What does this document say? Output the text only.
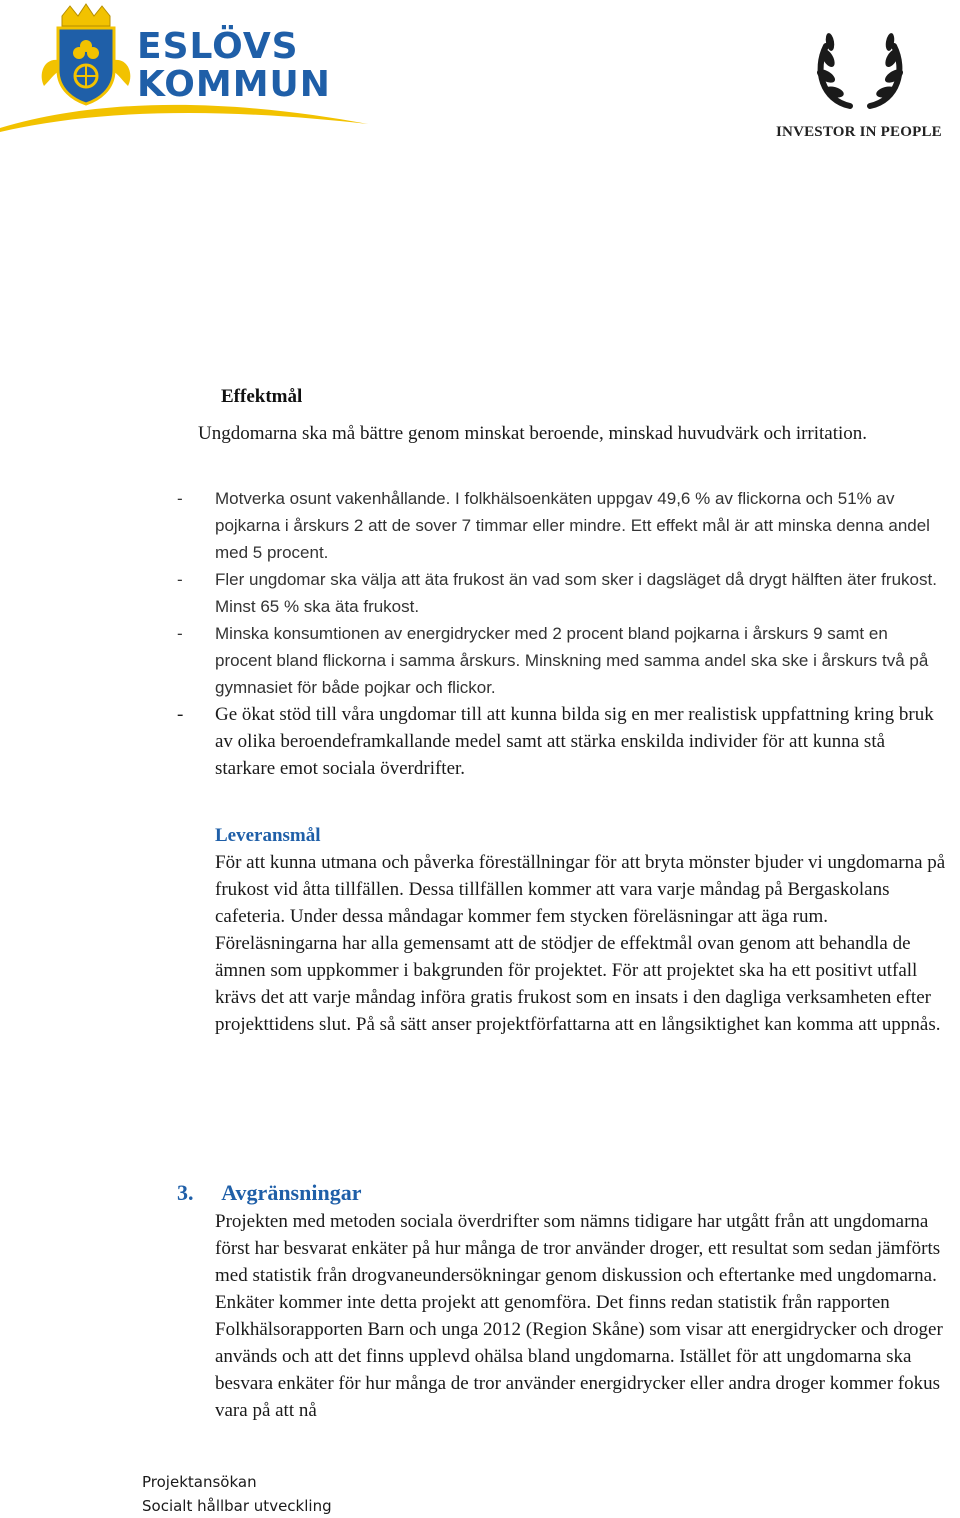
ESLÖVS
KOMMUN
INVESTOR IN PEOPLE
Effektmål

Ungdomarna ska må bättre genom minskat beroende, minskad huvudvärk och irritation.

- Motverka osunt vakenhållande. I folkhälsoenkäten uppgav 49,6 % av flickorna och 51% av pojkarna i årskurs 2 att de sover 7 timmar eller mindre. Ett effekt mål är att minska denna andel med 5 procent.
- Fler ungdomar ska välja att äta frukost än vad som sker i dagsläget då drygt hälften äter frukost. Minst 65 % ska äta frukost.
- Minska konsumtionen av energidrycker med 2 procent bland pojkarna i årskurs 9 samt en procent bland flickorna i samma årskurs. Minskning med samma andel ska ske i årskurs två på gymnasiet för både pojkar och flickor.
- Ge ökat stöd till våra ungdomar till att kunna bilda sig en mer realistisk uppfattning kring bruk av olika beroendeframkallande medel samt att stärka enskilda individer för att kunna stå starkare emot sociala överdrifter.
Leveransmål

För att kunna utmana och påverka föreställningar för att bryta mönster bjuder vi ungdomarna på frukost vid åtta tillfällen. Dessa tillfällen kommer att vara varje måndag på Bergaskolans cafeteria. Under dessa måndagar kommer fem stycken föreläsningar att äga rum. Föreläsningarna har alla gemensamt att de stödjer de effektmål ovan genom att behandla de ämnen som uppkommer i bakgrunden för projektet. För att projektet ska ha ett positivt utfall krävs det att varje måndag införa gratis frukost som en insats i den dagliga verksamheten efter projekttidens slut. På så sätt anser projektförfattarna att en långsiktighet kan komma att uppnås.

3. Avgränsningar

Projekten med metoden sociala överdrifter som nämns tidigare har utgått från att ungdomarna först har besvarat enkäter på hur många de tror använder droger, ett resultat som sedan jämförts med statistik från drogvaneundersökningar genom diskussion och eftertanke med ungdomarna. Enkäter kommer inte detta projekt att genomföra. Det finns redan statistik från rapporten Folkhälsorapporten Barn och unga 2012 (Region Skåne) som visar att energidrycker och droger används och att det finns upplevd ohälsa bland ungdomarna. Istället för att ungdomarna ska besvara enkäter för hur många de tror använder energidrycker eller andra droger kommer fokus vara på att nå

Projektansökan
Socialt hållbar utveckling
